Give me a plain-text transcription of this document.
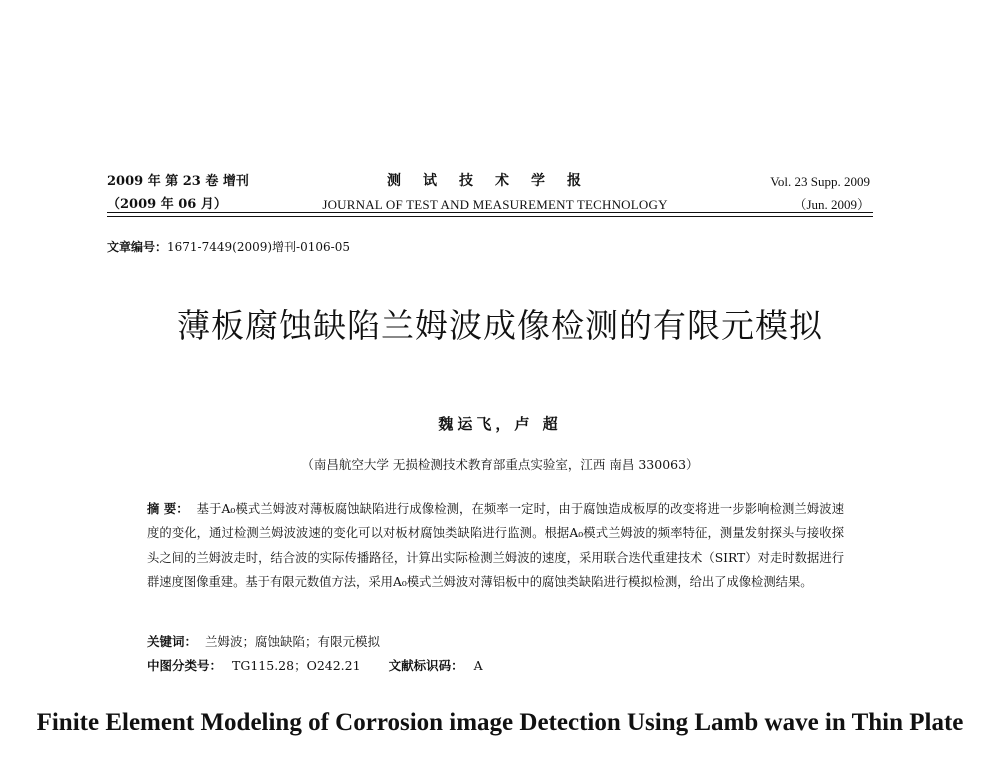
2009 年 第 23 卷 增刊
（2009 年 06 月）
测试技术学报
JOURNAL OF TEST AND MEASUREMENT TECHNOLOGY
Vol. 23 Supp. 2009
（Jun. 2009）
文章编号：1671-7449(2009)增刊-0106-05
薄板腐蚀缺陷兰姆波成像检测的有限元模拟
魏运飞，卢 超
（南昌航空大学 无损检测技术教育部重点实验室，江西 南昌 330063）

摘 要： 基于A₀模式兰姆波对薄板腐蚀缺陷进行成像检测，在频率一定时，由于腐蚀造成板厚的改变将进一步影响检测兰姆波速度的变化，通过检测兰姆波波速的变化可以对板材腐蚀类缺陷进行监测。根据A₀模式兰姆波的频率特征，测量发射探头与接收探头之间的兰姆波走时，结合波的实际传播路径，计算出实际检测兰姆波的速度，采用联合迭代重建技术（SIRT）对走时数据进行群速度图像重建。基于有限元数值方法，采用A₀模式兰姆波对薄铝板中的腐蚀类缺陷进行模拟检测，给出了成像检测结果。

关键词： 兰姆波；腐蚀缺陷；有限元模拟
中图分类号： TG115.28；O242.21 文献标识码： A
Finite Element Modeling of Corrosion image Detection Using Lamb wave in Thin Plate
